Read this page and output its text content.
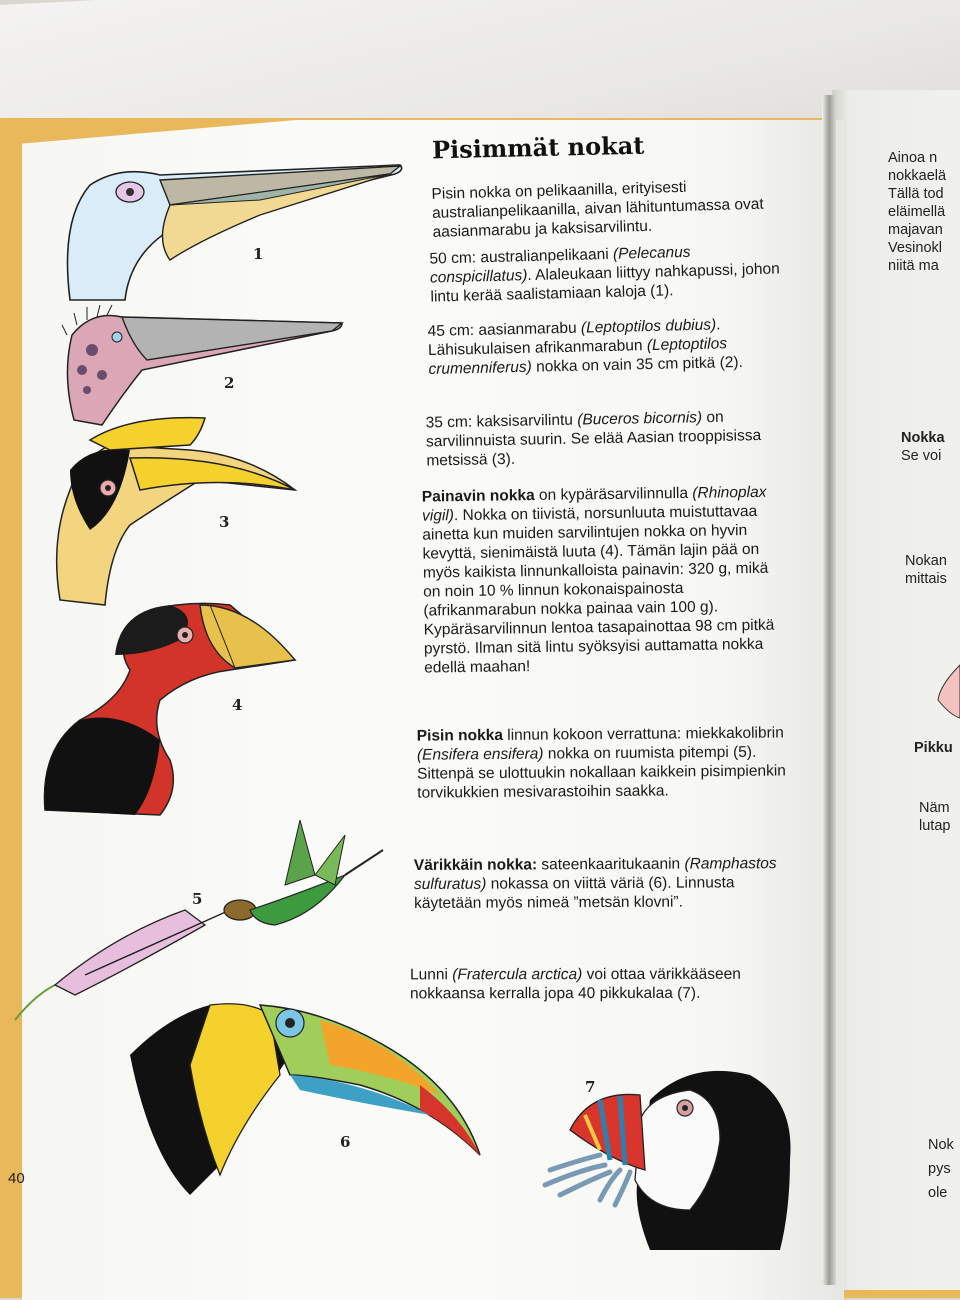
Pisimmät nokat
Pisin nokka on pelikaanilla, erityisesti australianpelikaanilla, aivan lähituntumassa ovat aasianmarabu ja kaksisarvilintu.
50 cm: australianpelikaani (Pelecanus conspicillatus). Alaleukaan liittyy nahkapussi, johon lintu kerää saalistamiaan kaloja (1).
45 cm: aasianmarabu (Leptoptilos dubius). Lähisukulaisen afrikanmarabun (Leptoptilos crumenniferus) nokka on vain 35 cm pitkä (2).
35 cm: kaksisarvilintu (Buceros bicornis) on sarvilinnuista suurin. Se elää Aasian trooppisissa metsissä (3).
Painavin nokka on kypäräsarvilinnulla (Rhinoplax vigil). Nokka on tiivistä, norsunluuta muistuttavaa ainetta kun muiden sarvilintujen nokka on hyvin kevyttä, sienimäistä luuta (4). Tämän lajin pää on myös kaikista linnunkalloista painavin: 320 g, mikä on noin 10 % linnun kokonaispainosta (afrikanmarabun nokka painaa vain 100 g). Kypäräsarvilinnun lentoa tasapainottaa 98 cm pitkä pyrstö. Ilman sitä lintu syöksyisi auttamatta nokka edellä maahan!
Pisin nokka linnun kokoon verrattuna: miekkakolibrin (Ensifera ensifera) nokka on ruumista pitempi (5). Sittenpä se ulottuukin nokallaan kaikkein pisimpienkin torvikukkien mesivarastoihin saakka.
Värikkäin nokka: sateenkaaritukaanin (Ramphastos sulfuratus) nokassa on viittä väriä (6). Linnusta käytetään myös nimeä ”metsän klovni”.
Lunni (Fratercula arctica) voi ottaa värikkääseen nokkaansa kerralla jopa 40 pikkukalaa (7).
1
2
3
4
5
6
7
40
Ainoa n
nokkaelä
Tällä tod
eläimellä
majavan
Vesinokl
niitä ma
Nokka
Se voi
Nokan
mittais
Pikku
Näm
lutap
Nok
pys
ole
